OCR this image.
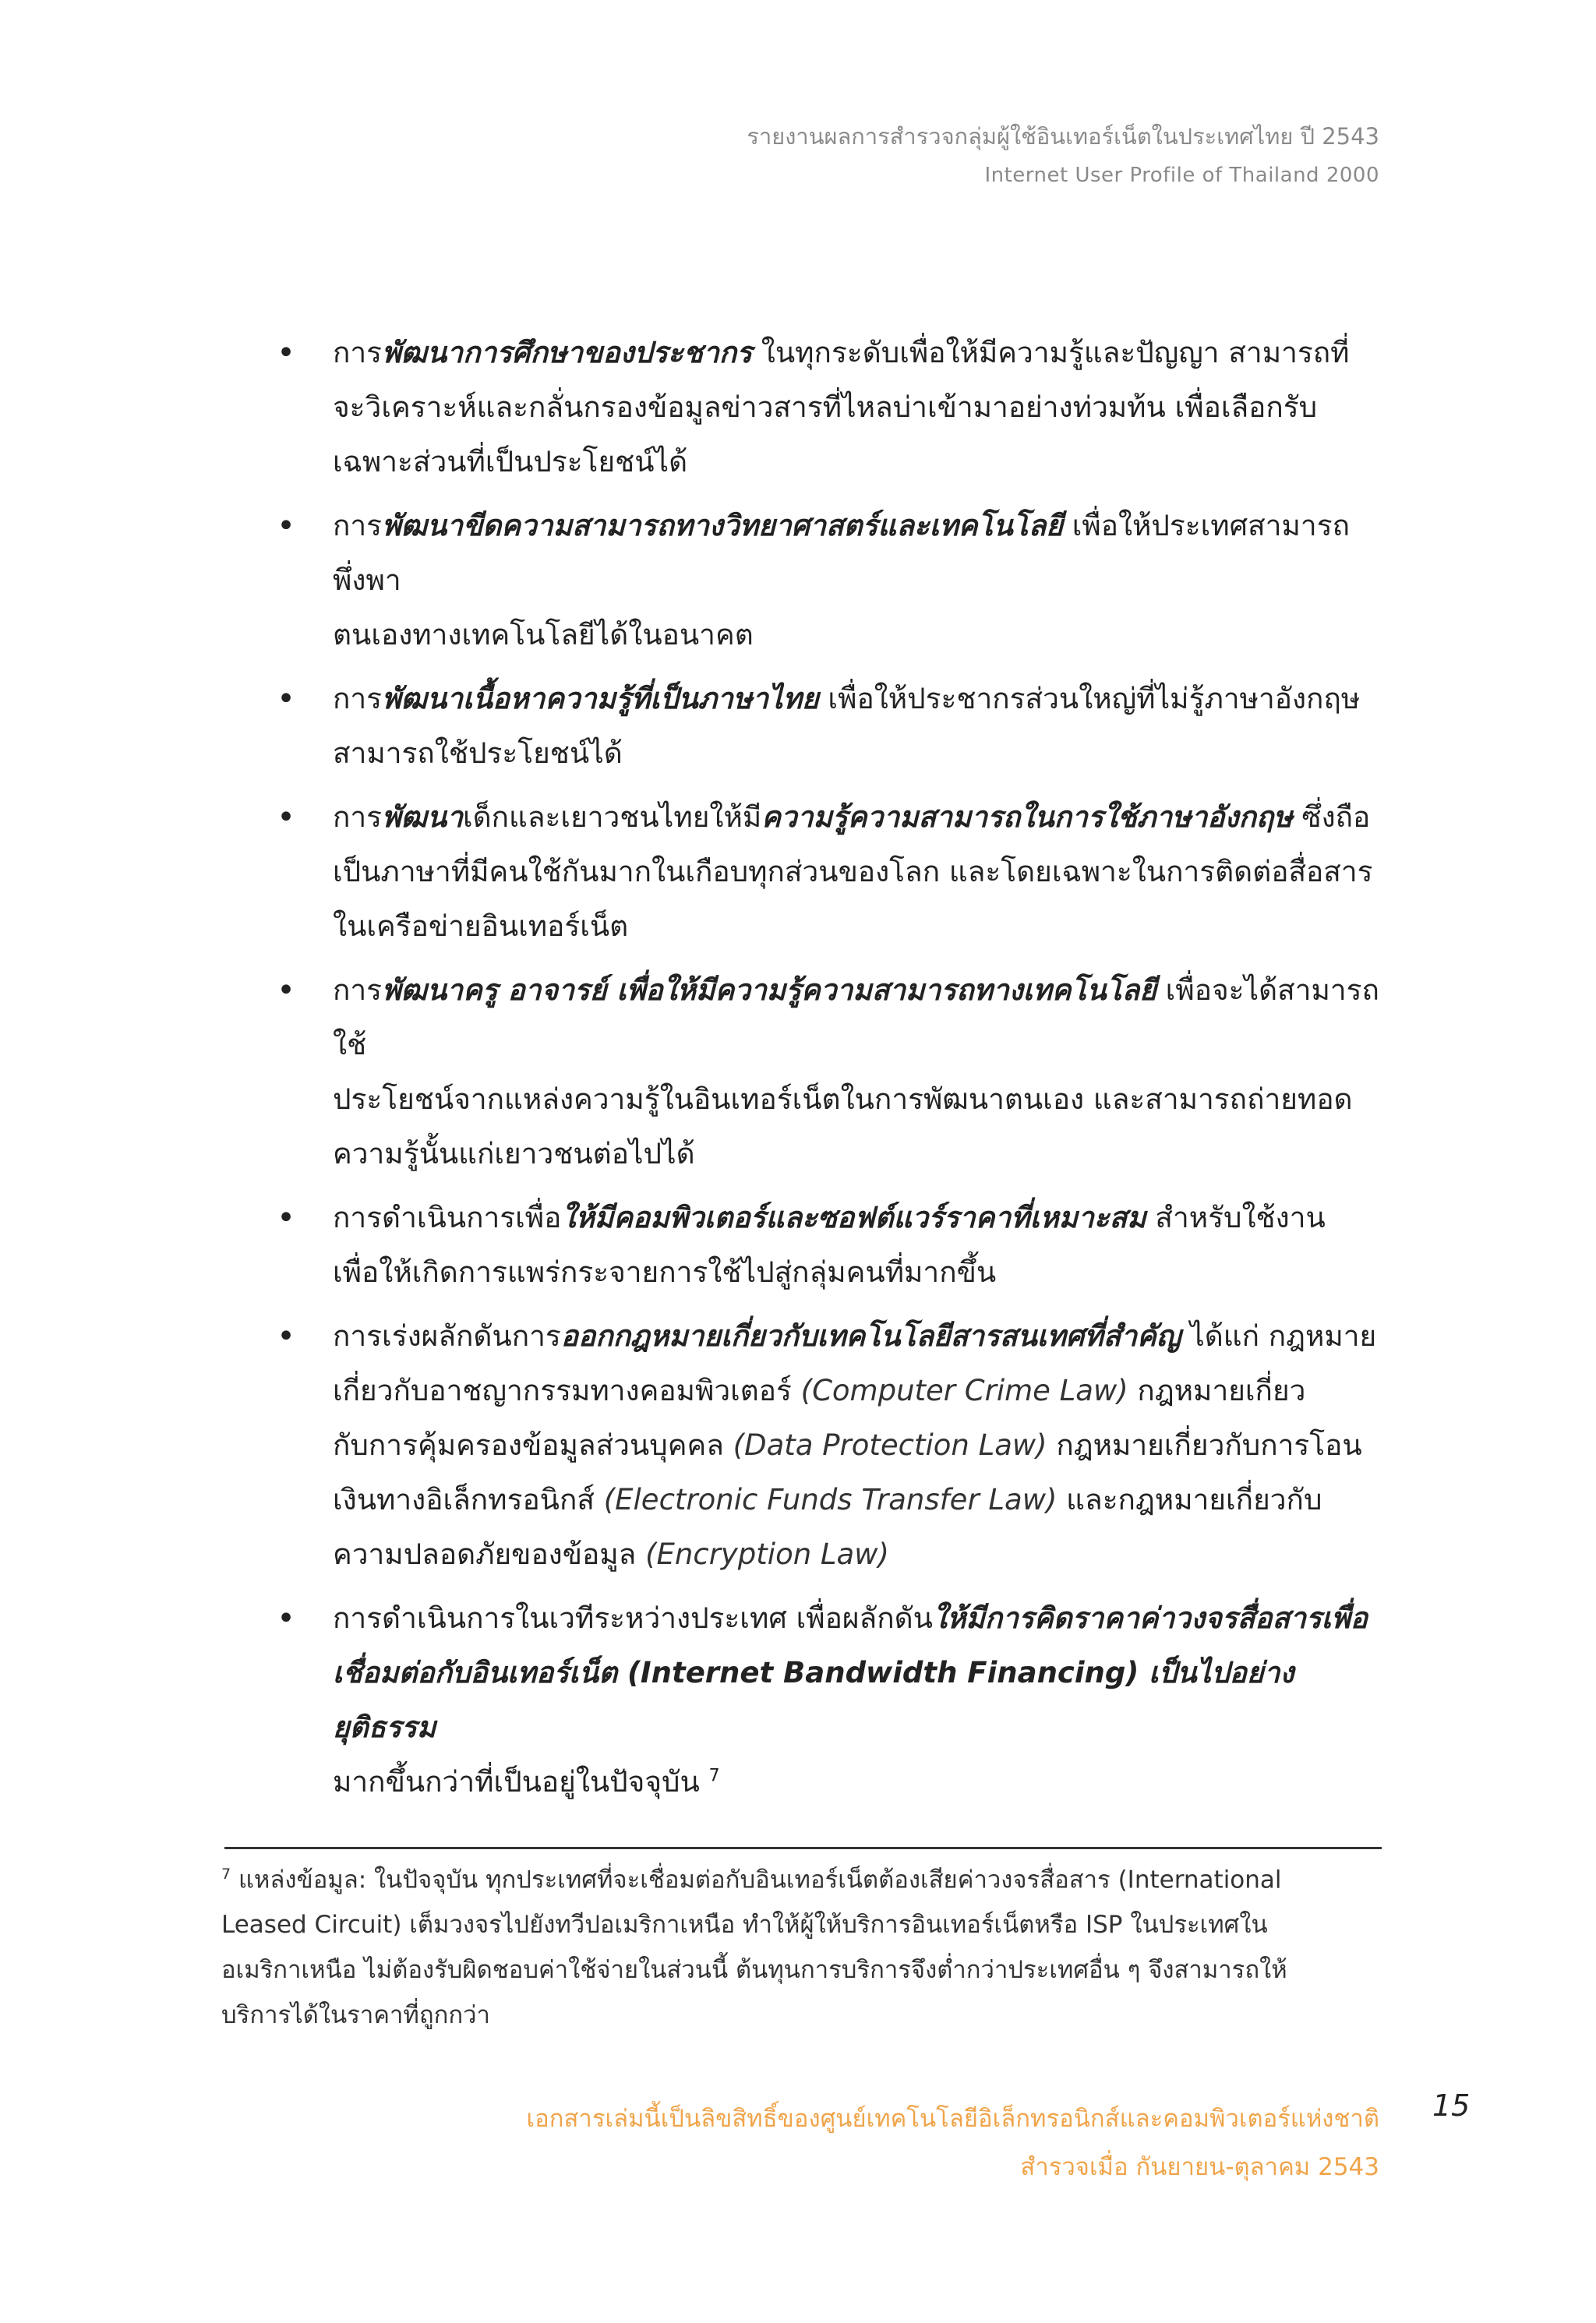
รายงานผลการสำรวจกลุ่มผู้ใช้อินเทอร์เน็ตในประเทศไทย ปี 2543
Internet User Profile of Thailand 2000
• การพัฒนาการศึกษาของประชากร ในทุกระดับเพื่อให้มีความรู้และปัญญา สามารถที่
จะวิเคราะห์และกลั่นกรองข้อมูลข่าวสารที่ไหลบ่าเข้ามาอย่างท่วมท้น เพื่อเลือกรับ
เฉพาะส่วนที่เป็นประโยชน์ได้
• การพัฒนาขีดความสามารถทางวิทยาศาสตร์และเทคโนโลยี เพื่อให้ประเทศสามารถพึ่งพา
ตนเองทางเทคโนโลยีได้ในอนาคต
• การพัฒนาเนื้อหาความรู้ที่เป็นภาษาไทย เพื่อให้ประชากรส่วนใหญ่ที่ไม่รู้ภาษาอังกฤษ
สามารถใช้ประโยชน์ได้
• การพัฒนาเด็กและเยาวชนไทยให้มีความรู้ความสามารถในการใช้ภาษาอังกฤษ ซึ่งถือ
เป็นภาษาที่มีคนใช้กันมากในเกือบทุกส่วนของโลก และโดยเฉพาะในการติดต่อสื่อสาร
ในเครือข่ายอินเทอร์เน็ต
• การพัฒนาครู อาจารย์ เพื่อให้มีความรู้ความสามารถทางเทคโนโลยี เพื่อจะได้สามารถใช้
ประโยชน์จากแหล่งความรู้ในอินเทอร์เน็ตในการพัฒนาตนเอง และสามารถถ่ายทอด
ความรู้นั้นแก่เยาวชนต่อไปได้
• การดำเนินการเพื่อให้มีคอมพิวเตอร์และซอฟต์แวร์ราคาที่เหมาะสม สำหรับใช้งาน
เพื่อให้เกิดการแพร่กระจายการใช้ไปสู่กลุ่มคนที่มากขึ้น
• การเร่งผลักดันการออกกฎหมายเกี่ยวกับเทคโนโลยีสารสนเทศที่สำคัญ ได้แก่ กฎหมาย
เกี่ยวกับอาชญากรรมทางคอมพิวเตอร์ (Computer Crime Law) กฎหมายเกี่ยว
กับการคุ้มครองข้อมูลส่วนบุคคล (Data Protection Law) กฎหมายเกี่ยวกับการโอน
เงินทางอิเล็กทรอนิกส์ (Electronic Funds Transfer Law) และกฎหมายเกี่ยวกับ
ความปลอดภัยของข้อมูล (Encryption Law)
• การดำเนินการในเวทีระหว่างประเทศ เพื่อผลักดันให้มีการคิดราคาค่าวงจรสื่อสารเพื่อ
เชื่อมต่อกับอินเทอร์เน็ต (Internet Bandwidth Financing) เป็นไปอย่างยุติธรรม
มากขึ้นกว่าที่เป็นอยู่ในปัจจุบัน $^7$
$^7$ แหล่งข้อมูล: ในปัจจุบัน ทุกประเทศที่จะเชื่อมต่อกับอินเทอร์เน็ตต้องเสียค่าวงจรสื่อสาร (International
Leased Circuit) เต็มวงจรไปยังทวีปอเมริกาเหนือ ทำให้ผู้ให้บริการอินเทอร์เน็ตหรือ ISP ในประเทศใน
อเมริกาเหนือ ไม่ต้องรับผิดชอบค่าใช้จ่ายในส่วนนี้ ต้นทุนการบริการจึงต่ำกว่าประเทศอื่น ๆ จึงสามารถให้
บริการได้ในราคาที่ถูกกว่า
เอกสารเล่มนี้เป็นลิขสิทธิ์ของศูนย์เทคโนโลยีอิเล็กทรอนิกส์และคอมพิวเตอร์แห่งชาติ
สำรวจเมื่อ กันยายน-ตุลาคม 2543
15
